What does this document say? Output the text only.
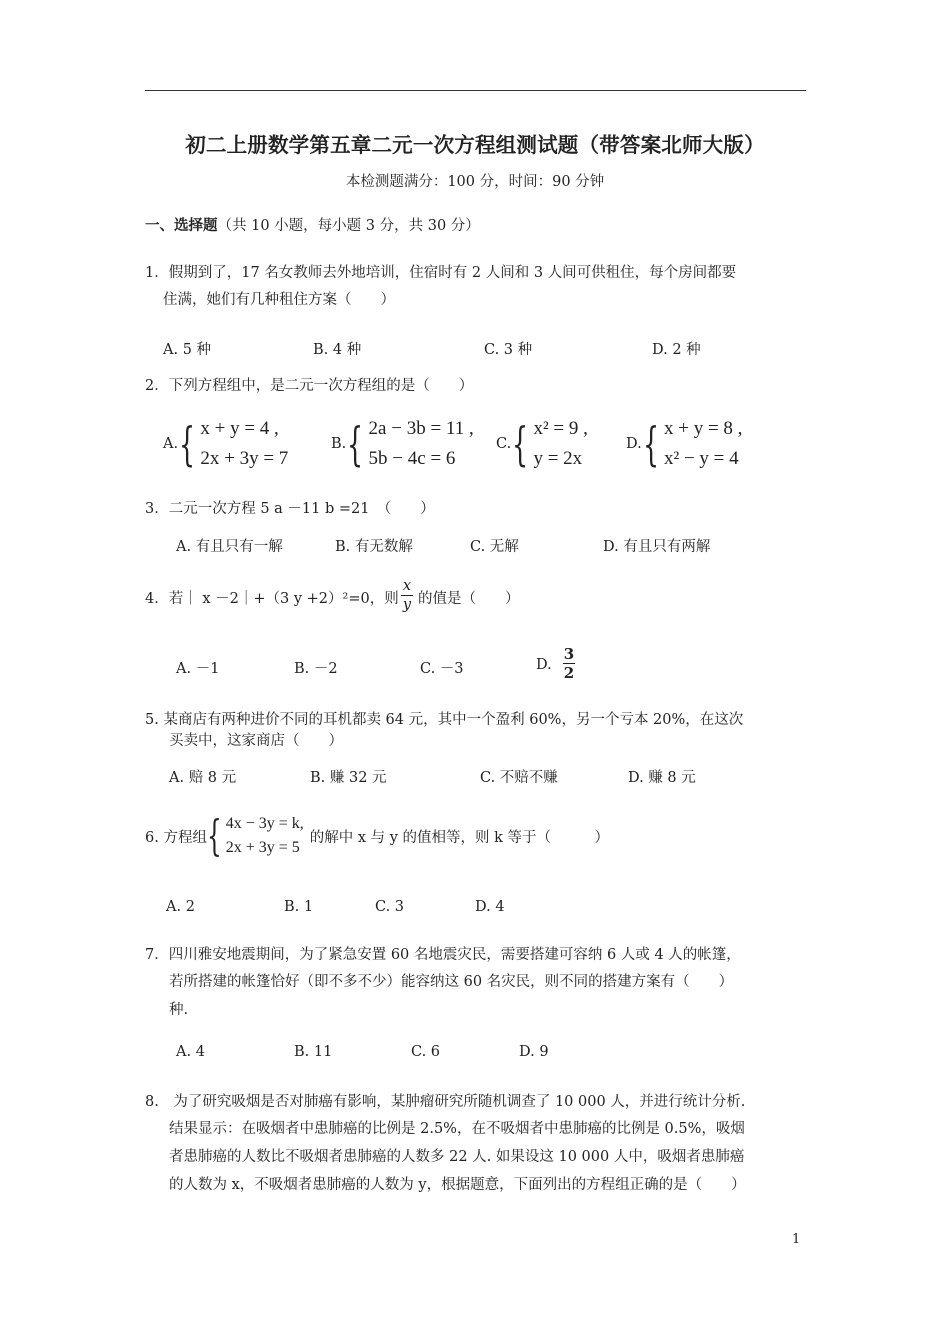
初二上册数学第五章二元一次方程组测试题（带答案北师大版）
本检测题满分：100 分，时间：90 分钟
一、选择题（共 10 小题，每小题 3 分，共 30 分）
1．假期到了，17 名女教师去外地培训，住宿时有 2 人间和 3 人间可供租住，每个房间都要
住满，她们有几种租住方案（　　）
A. 5 种	B. 4 种	C. 3 种	D. 2 种
2．下列方程组中，是二元一次方程组的是（　　）
A. { x + y = 4 ,
2x + 3y = 7
B. { 2a − 3b = 11 ,
5b − 4c = 6
C. { x² = 9 ,
y = 2x
D. { x + y = 8 ,
x² − y = 4
3．二元一次方程 5 a －11 b =21　（　　）
A. 有且只有一解	B. 有无数解	C. 无解	D. 有且只有两解
4．若｜ x －2｜+（3 y +2）²=0，则
x
y 的值是（　　）
A. －1	B. －2	C. －3	D.
3
2
5. 某商店有两种进价不同的耳机都卖 64 元，其中一个盈利 60%，另一个亏本 20%，在这次
买卖中，这家商店（　　）
A. 赔 8 元	B. 赚 32 元	C. 不赔不赚	D. 赚 8 元
6. 方程组 { 4x − 3y = k,
2x + 3y = 5
的解中 x 与 y 的值相等，则 k 等于（　　　）
A. 2	B. 1	C. 3	D. 4
7．四川雅安地震期间，为了紧急安置 60 名地震灾民，需要搭建可容纳 6 人或 4 人的帐篷，
若所搭建的帐篷恰好（即不多不少）能容纳这 60 名灾民，则不同的搭建方案有（　　）
种.
A. 4	B. 11	C. 6	D. 9
8.　为了研究吸烟是否对肺癌有影响，某肿瘤研究所随机调查了 10 000 人，并进行统计分析.
结果显示：在吸烟者中患肺癌的比例是 2.5%，在不吸烟者中患肺癌的比例是 0.5%，吸烟
者患肺癌的人数比不吸烟者患肺癌的人数多 22 人. 如果设这 10 000 人中，吸烟者患肺癌
的人数为 x，不吸烟者患肺癌的人数为 y，根据题意，下面列出的方程组正确的是（　　）
1
